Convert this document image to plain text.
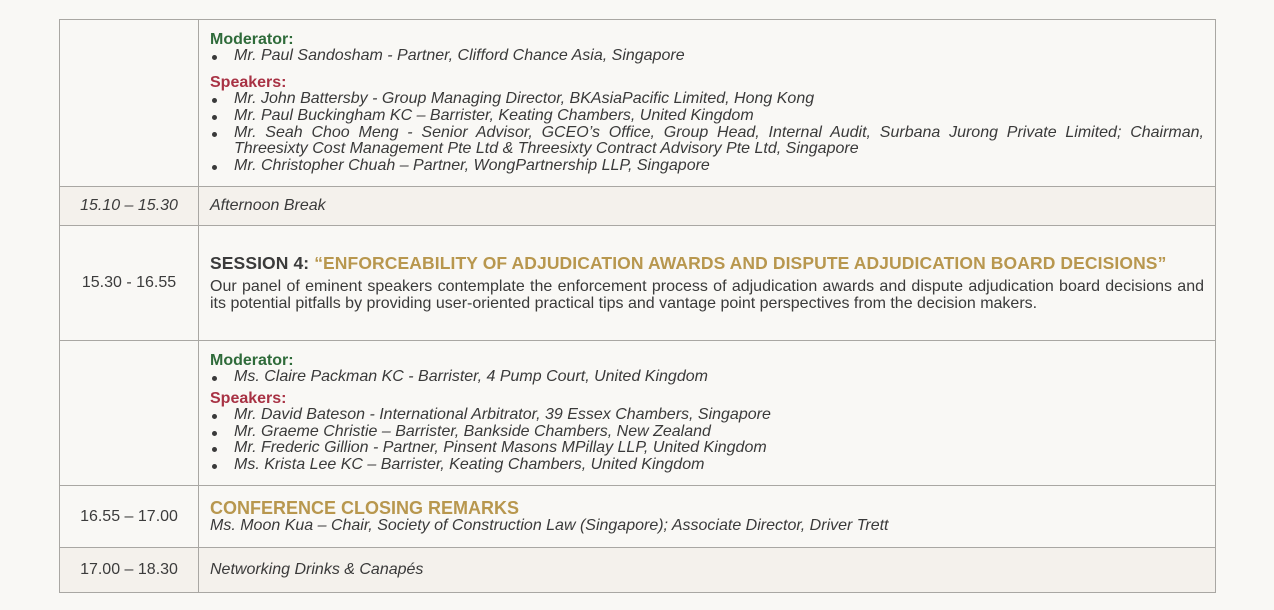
Moderator:
Mr. Paul Sandosham - Partner, Clifford Chance Asia, Singapore
Speakers:
Mr. John Battersby - Group Managing Director, BKAsiaPacific Limited, Hong Kong
Mr. Paul Buckingham KC – Barrister, Keating Chambers, United Kingdom
Mr. Seah Choo Meng - Senior Advisor, GCEO’s Office, Group Head, Internal Audit, Surbana Jurong Private Limited; Chairman, Threesixty Cost Management Pte Ltd & Threesixty Contract Advisory Pte Ltd, Singapore
Mr. Christopher Chuah – Partner, WongPartnership LLP, Singapore

15.10 – 15.30	Afternoon Break
15.30 - 16.55	SESSION 4: “ENFORCEABILITY OF ADJUDICATION AWARDS AND DISPUTE ADJUDICATION BOARD DECISIONS”
Our panel of eminent speakers contemplate the enforcement process of adjudication awards and dispute adjudication board decisions and its potential pitfalls by providing user-oriented practical tips and vantage point perspectives from the decision makers.

Moderator:
Ms. Claire Packman KC - Barrister, 4 Pump Court, United Kingdom
Speakers:
Mr. David Bateson - International Arbitrator, 39 Essex Chambers, Singapore
Mr. Graeme Christie – Barrister, Bankside Chambers, New Zealand
Mr. Frederic Gillion - Partner, Pinsent Masons MPillay LLP, United Kingdom
Ms. Krista Lee KC – Barrister, Keating Chambers, United Kingdom

16.55 – 17.00	CONFERENCE CLOSING REMARKS
Ms. Moon Kua – Chair, Society of Construction Law (Singapore); Associate Director, Driver Trett

17.00 – 18.30	Networking Drinks & Canapés
